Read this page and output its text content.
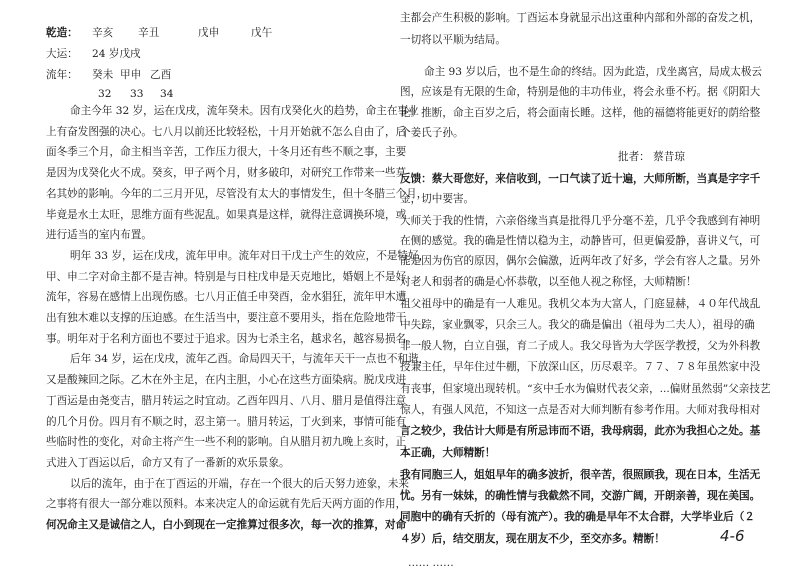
乾造： 辛亥 辛丑	戊申	戊午
大运： 24 岁戊戌
流年： 癸未 甲申 乙酉
32 33 34
命主今年 32 岁，运在戊戌，流年癸未。因有戊癸化火的趋势，命主在事业
上有奋发图强的决心。七八月以前还比较轻松，十月开始就不怎么自由了，后
面冬季三个月，命主相当辛苦，工作压力很大，十冬月还有些不顺之事，主要
是因为戊癸化火不成。癸亥，甲子两个月，财多破印，对研究工作带来一些莫
名其妙的影响。今年的二三月开见，尽管没有太大的事情发生，但十冬腊三个月，
毕竟是水土太旺，思维方面有些泥乱。如果真是这样，就得注意调换环境，或
进行适当的室内布置。
明年 33 岁，运在戊戌，流年甲申。流年对日干戊土产生的效应，不是特好，
甲、申二字对命主都不是吉神。特别是与日柱戊申是天克地比，婚姻上不是好
流年，容易在感情上出现伤感。七八月正值壬申癸酉，金水猖狂，流年甲木遭
出有独木难以支撑的压迫感。在生活当中，要注意不要用头，指在危险地带干
事。明年对于名利方面也不要过于追求。因为七杀主名，越求名，越容易损名。
后年 34 岁，运在戊戌，流年乙酉。命局四天干，与流年天干一点也不和谐，
又是酸辣回之际。乙木在外主足，在内主胆，小心在这些方面染病。脱戊戌进
丁酉运是由尧变吉，腊月转运之时宜动。乙酉年四月、八月、腊月是值得注意
的几个月份。四月有不顺之时，忍主第一。腊月转运，丁火到来，事情可能有
些临时性的变化，对命主将产生一些不利的影响。自从腊月初九晚上亥时，正
式进入丁酉运以后，命方又有了一番新的欢乐景象。
以后的流年，由于在丁酉运的开端，存在一个很大的后天努力迹象，未来
之事将有很大一部分难以预料。本来决定人的命运就有先后天两方面的作用，
何况命主又是诚信之人，白小到现在一定推算过很多次，每一次的推算，对命
主都会产生积极的影响。丁酉运本身就显示出这重种内部和外部的奋发之机，
一切将以平顺为结局。
命主 93 岁以后，也不是生命的终结。因为此造，戊坐离宫，局成太极云
图，应该是有无限的生命，特别是他的丰功伟业，将会永垂不朽。据《阴阳大
论》推断，命主百岁之后，将会面南长睡。这样，他的福德将能更好的荫给整
个姜氏子孙。
批者： 蔡昔琼
反馈：蔡大哥您好，来信收到，一口气读了近十遍，大师所断，当真是字字千
金，切中要害。
大师关于我的性情，六亲俗缘当真是批得几乎分毫不差，几乎令我感到有神明
在侧的感觉。我的确是性情以稳为主，动静皆可，但更偏爱静，喜讲义气，可
能是因为伤官的原因，偶尔会偏激，近两年改了好多，学会有容人之量。另外
对老人和弱者的确是心怀恭敬，以至他人视之称怪，大师精断！
祖父祖母中的确是有一人难见。我机父本为大富人，门庭显赫，４０年代战乱
中失踪，家业飘零，只余三人。我父的确是偏出（祖母为二夫人），祖母的确
非一般人物，白立自强，育二子成人。我父母皆为大学医学教授，父为外科教
授兼主任，早年住过牛棚，下放深山区，历尽艰辛。７７、７８年虽然家中没
有丧事，但家境出现转机。“亥中壬水为偏财代表父亲，...偏财虽然弱”父亲技艺
惊人，有强人风范，不知这一点是否对大师判断有参考作用。大师对我母相对
言之较少，我估计大师是有所忌讳而不语，我母病弱，此亦为我担心之处。基
本正确，大师精断！
我有同胞三人，姐姐早年的确多波折，很辛苦，很照顾我，现在日本，生活无
忧。另有一妹妹，的确性情与我截然不同，交游广阔，开朗亲善，现在美国。
同胞中的确有夭折的（母有流产）。我的确是早年不太合群，大学毕业后（２
４岁）后，结交朋友，现在朋友不少，至交亦多。精断！
…… ……
4-6
